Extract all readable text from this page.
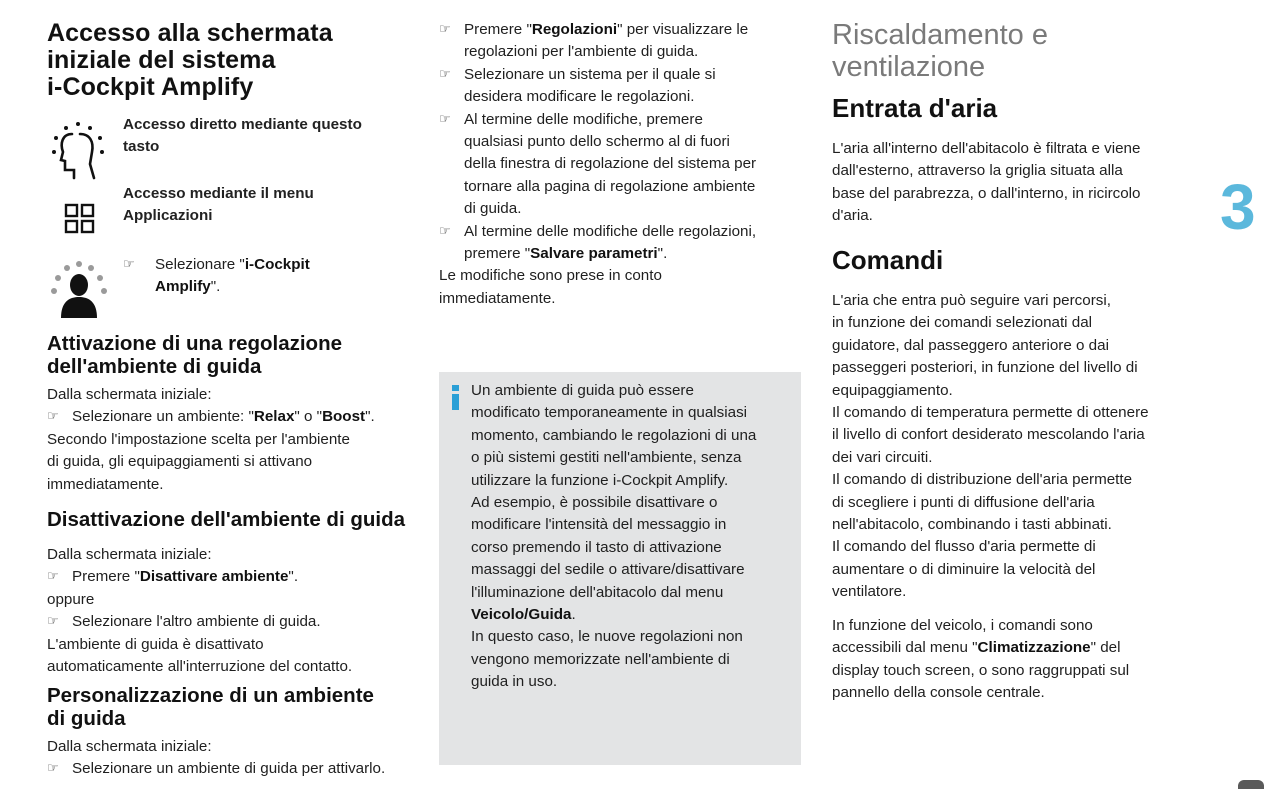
Accesso alla schermata
iniziale del sistema
i-Cockpit Amplify
Accesso diretto mediante questo
tasto
Accesso mediante il menu
Applicazioni
☞ Selezionare "i-Cockpit
Amplify".
Attivazione di una regolazione
dell'ambiente di guida
Dalla schermata iniziale:
☞ Selezionare un ambiente: "Relax" o "Boost".
Secondo l'impostazione scelta per l'ambiente
di guida, gli equipaggiamenti si attivano
immediatamente.
Disattivazione dell'ambiente di guida
Dalla schermata iniziale:
☞ Premere "Disattivare ambiente".
oppure
☞ Selezionare l'altro ambiente di guida.
L'ambiente di guida è disattivato
automaticamente all'interruzione del contatto.
Personalizzazione di un ambiente
di guida
Dalla schermata iniziale:
☞ Selezionare un ambiente di guida per attivarlo.
☞ Premere "Regolazioni" per visualizzare le
regolazioni per l'ambiente di guida.
☞ Selezionare un sistema per il quale si
desidera modificare le regolazioni.
☞ Al termine delle modifiche, premere
qualsiasi punto dello schermo al di fuori
della finestra di regolazione del sistema per
tornare alla pagina di regolazione ambiente
di guida.
☞ Al termine delle modifiche delle regolazioni,
premere "Salvare parametri".
Le modifiche sono prese in conto
immediatamente.
Un ambiente di guida può essere
modificato temporaneamente in qualsiasi
momento, cambiando le regolazioni di una
o più sistemi gestiti nell'ambiente, senza
utilizzare la funzione i-Cockpit Amplify.
Ad esempio, è possibile disattivare o
modificare l'intensità del messaggio in
corso premendo il tasto di attivazione
massaggi del sedile o attivare/disattivare
l'illuminazione dell'abitacolo dal menu
Veicolo/Guida.
In questo caso, le nuove regolazioni non
vengono memorizzate nell'ambiente di
guida in uso.
Riscaldamento e
ventilazione
Entrata d'aria
L'aria all'interno dell'abitacolo è filtrata e viene
dall'esterno, attraverso la griglia situata alla
base del parabrezza, o dall'interno, in ricircolo
d'aria.
Comandi
L'aria che entra può seguire vari percorsi,
in funzione dei comandi selezionati dal
guidatore, dal passeggero anteriore o dai
passeggeri posteriori, in funzione del livello di
equipaggiamento.
Il comando di temperatura permette di ottenere
il livello di confort desiderato mescolando l'aria
dei vari circuiti.
Il comando di distribuzione dell'aria permette
di scegliere i punti di diffusione dell'aria
nell'abitacolo, combinando i tasti abbinati.
Il comando del flusso d'aria permette di
aumentare o di diminuire la velocità del
ventilatore.
In funzione del veicolo, i comandi sono
accessibili dal menu "Climatizzazione" del
display touch screen, o sono raggruppati sul
pannello della console centrale.
3
